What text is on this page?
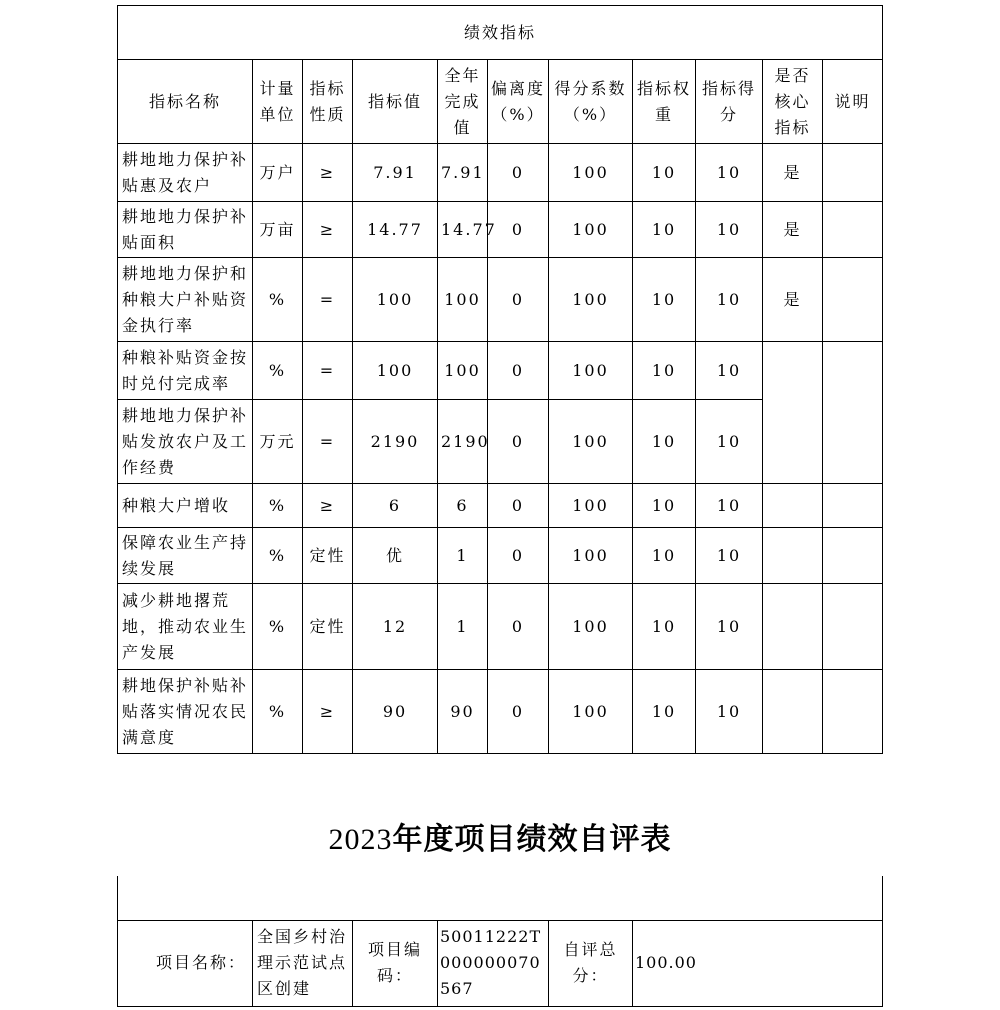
绩效指标										
指标名称	计量单位	指标性质	指标值	全年完成值	偏离度（%）	得分系数（%）	指标权重	指标得分	是否核心指标	说明
耕地地力保护补贴惠及农户	万户	≥	7.91	7.91	0	100	10	10	是	
耕地地力保护补贴面积	万亩	≥	14.77	14.77	0	100	10	10	是	
耕地地力保护和种粮大户补贴资金执行率	%	=	100	100	0	100	10	10	是	
种粮补贴资金按时兑付完成率	%	=	100	100	0	100	10	10		
耕地地力保护补贴发放农户及工作经费	万元	=	2190	2190	0	100	10	10		
种粮大户增收	%	≥	6	6	0	100	10	10		
保障农业生产持续发展	%	定性	优	1	0	100	10	10		
减少耕地撂荒地，推动农业生产发展	%	定性	12	1	0	100	10	10		
耕地保护补贴补贴落实情况农民满意度	%	≥	90	90	0	100	10	10		
2023年度项目绩效自评表

项目名称：	全国乡村治理示范试点区创建	项目编码：	50011222T000000070567	自评总分：	100.00
